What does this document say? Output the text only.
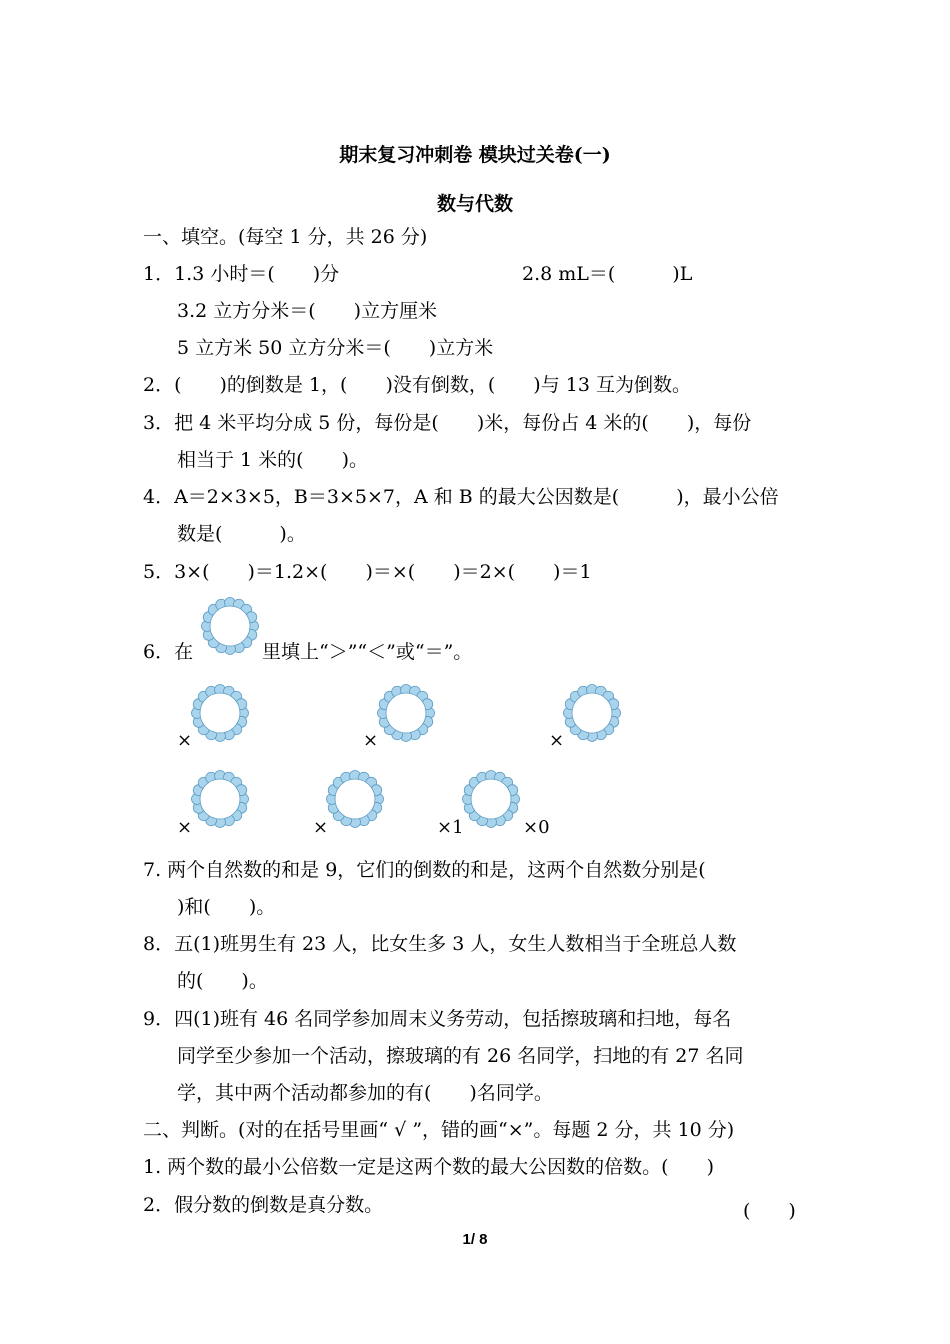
期末复习冲刺卷 模块过关卷(一)
数与代数
一、填空。(每空 1 分，共 26 分)
1．1.3 小时＝(　　)分	2.8 mL＝(　　　)L
3.2 立方分米＝(　　)立方厘米
5 立方米 50 立方分米＝(　　)立方米
2．(　　)的倒数是 1，(　　)没有倒数，(　　)与 13 互为倒数。
3．把 4 米平均分成 5 份，每份是(　　)米，每份占 4 米的(　　)，每份
相当于 1 米的(　　)。
4．A＝2×3×5，B＝3×5×7，A 和 B 的最大公因数是(　　　)，最小公倍
数是(　　　)。
5．3×(　　)＝1.2×(　　)＝×(　　)＝2×(　　)＝1
6．在	里填上“＞”“＜”或“＝”。
×	×	×
×	×	×1	×0
7. 两个自然数的和是 9，它们的倒数的和是，这两个自然数分别是(
)和(　　)。
8．五(1)班男生有 23 人，比女生多 3 人，女生人数相当于全班总人数
的(　　)。
9．四(1)班有 46 名同学参加周末义务劳动，包括擦玻璃和扫地，每名
同学至少参加一个活动，擦玻璃的有 26 名同学，扫地的有 27 名同
学，其中两个活动都参加的有(　　)名同学。
二、判断。(对的在括号里画“ √ ”，错的画“×”。每题 2 分，共 10 分)
1. 两个数的最小公倍数一定是这两个数的最大公因数的倍数。(　　)
2．假分数的倒数是真分数。	(　　)
1/ 8
